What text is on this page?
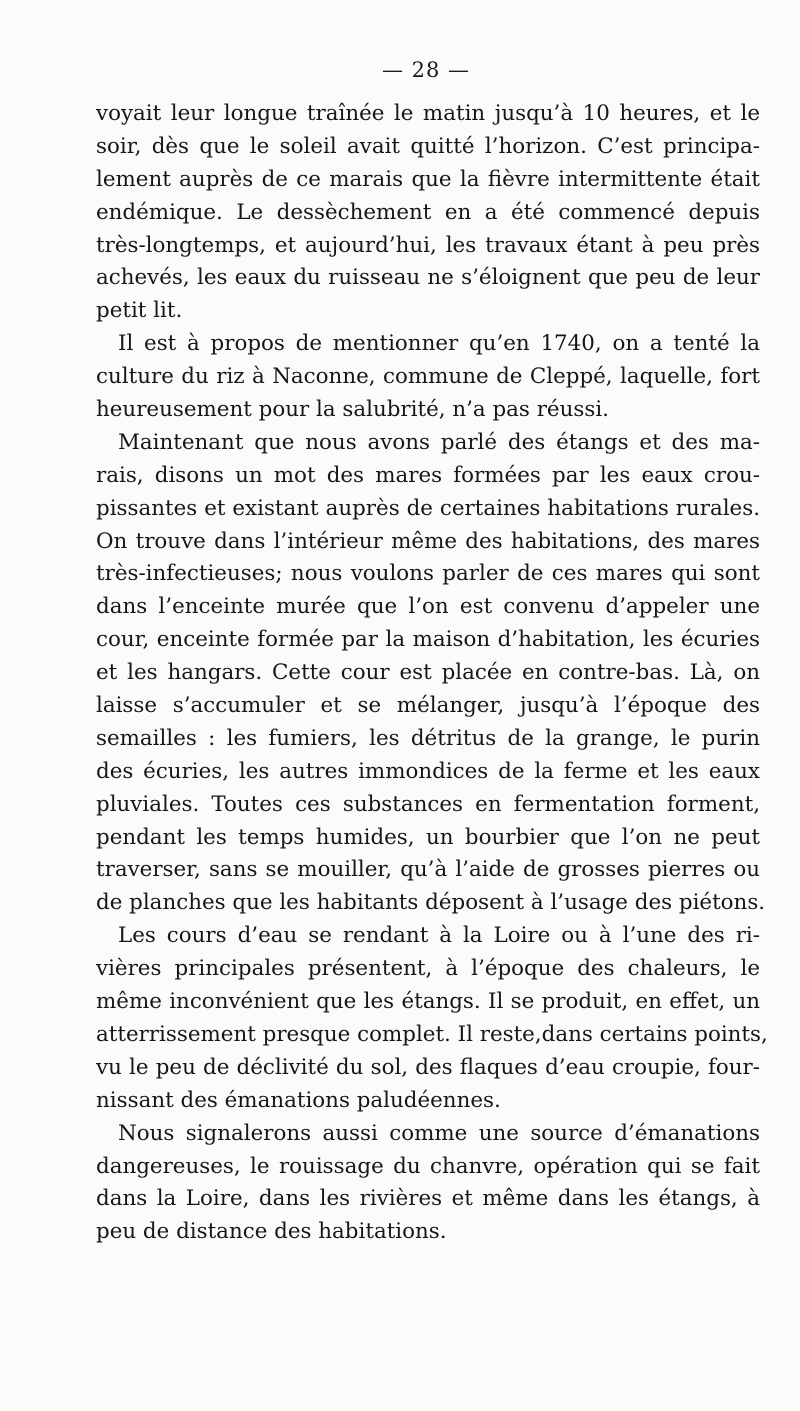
— 28 —
voyait leur longue traînée le matin jusqu’à 10 heures, et le
soir, dès que le soleil avait quitté l’horizon. C’est principa-
lement auprès de ce marais que la fièvre intermittente était
endémique. Le dessèchement en a été commencé depuis
très-longtemps, et aujourd’hui, les travaux étant à peu près
achevés, les eaux du ruisseau ne s’éloignent que peu de leur
petit lit.
Il est à propos de mentionner qu’en 1740, on a tenté la
culture du riz à Naconne, commune de Cleppé, laquelle, fort
heureusement pour la salubrité, n’a pas réussi.
Maintenant que nous avons parlé des étangs et des ma-
rais, disons un mot des mares formées par les eaux crou-
pissantes et existant auprès de certaines habitations rurales.
On trouve dans l’intérieur même des habitations, des mares
très-infectieuses; nous voulons parler de ces mares qui sont
dans l’enceinte murée que l’on est convenu d’appeler une
cour, enceinte formée par la maison d’habitation, les écuries
et les hangars. Cette cour est placée en contre-bas. Là, on
laisse s’accumuler et se mélanger, jusqu’à l’époque des
semailles : les fumiers, les détritus de la grange, le purin
des écuries, les autres immondices de la ferme et les eaux
pluviales. Toutes ces substances en fermentation forment,
pendant les temps humides, un bourbier que l’on ne peut
traverser, sans se mouiller, qu’à l’aide de grosses pierres ou
de planches que les habitants déposent à l’usage des piétons.
Les cours d’eau se rendant à la Loire ou à l’une des ri-
vières principales présentent, à l’époque des chaleurs, le
même inconvénient que les étangs. Il se produit, en effet, un
atterrissement presque complet. Il reste,dans certains points,
vu le peu de déclivité du sol, des flaques d’eau croupie, four-
nissant des émanations paludéennes.
Nous signalerons aussi comme une source d’émanations
dangereuses, le rouissage du chanvre, opération qui se fait
dans la Loire, dans les rivières et même dans les étangs, à
peu de distance des habitations.
